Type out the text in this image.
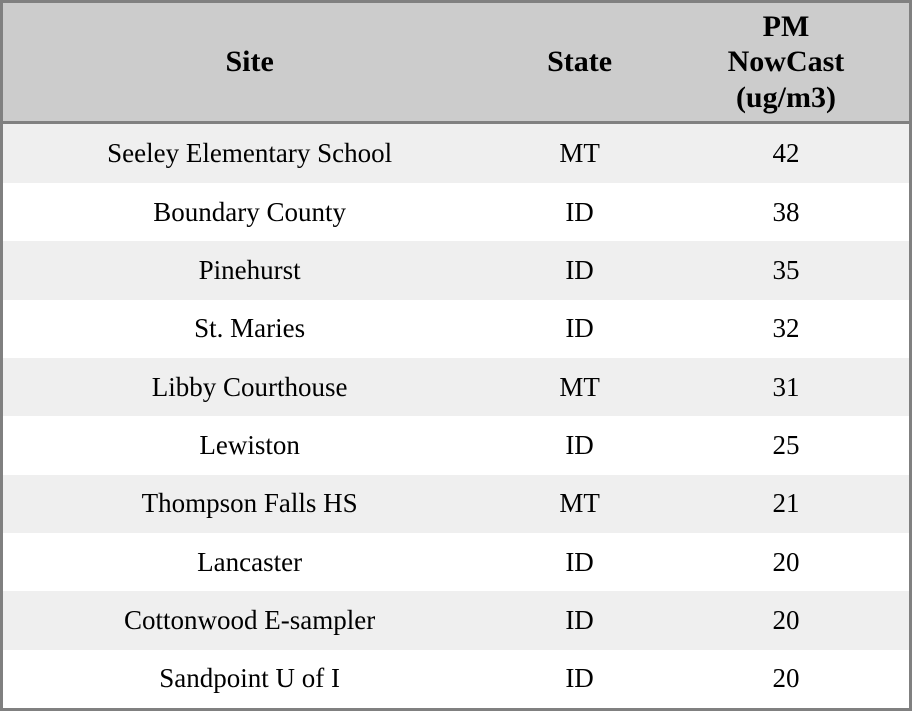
Site	State	PM
NowCast
(ug/m3)

Seeley Elementary School	MT	42
Boundary County	ID	38
Pinehurst	ID	35
St. Maries	ID	32
Libby Courthouse	MT	31
Lewiston	ID	25
Thompson Falls HS	MT	21
Lancaster	ID	20
Cottonwood E-sampler	ID	20
Sandpoint U of I	ID	20
